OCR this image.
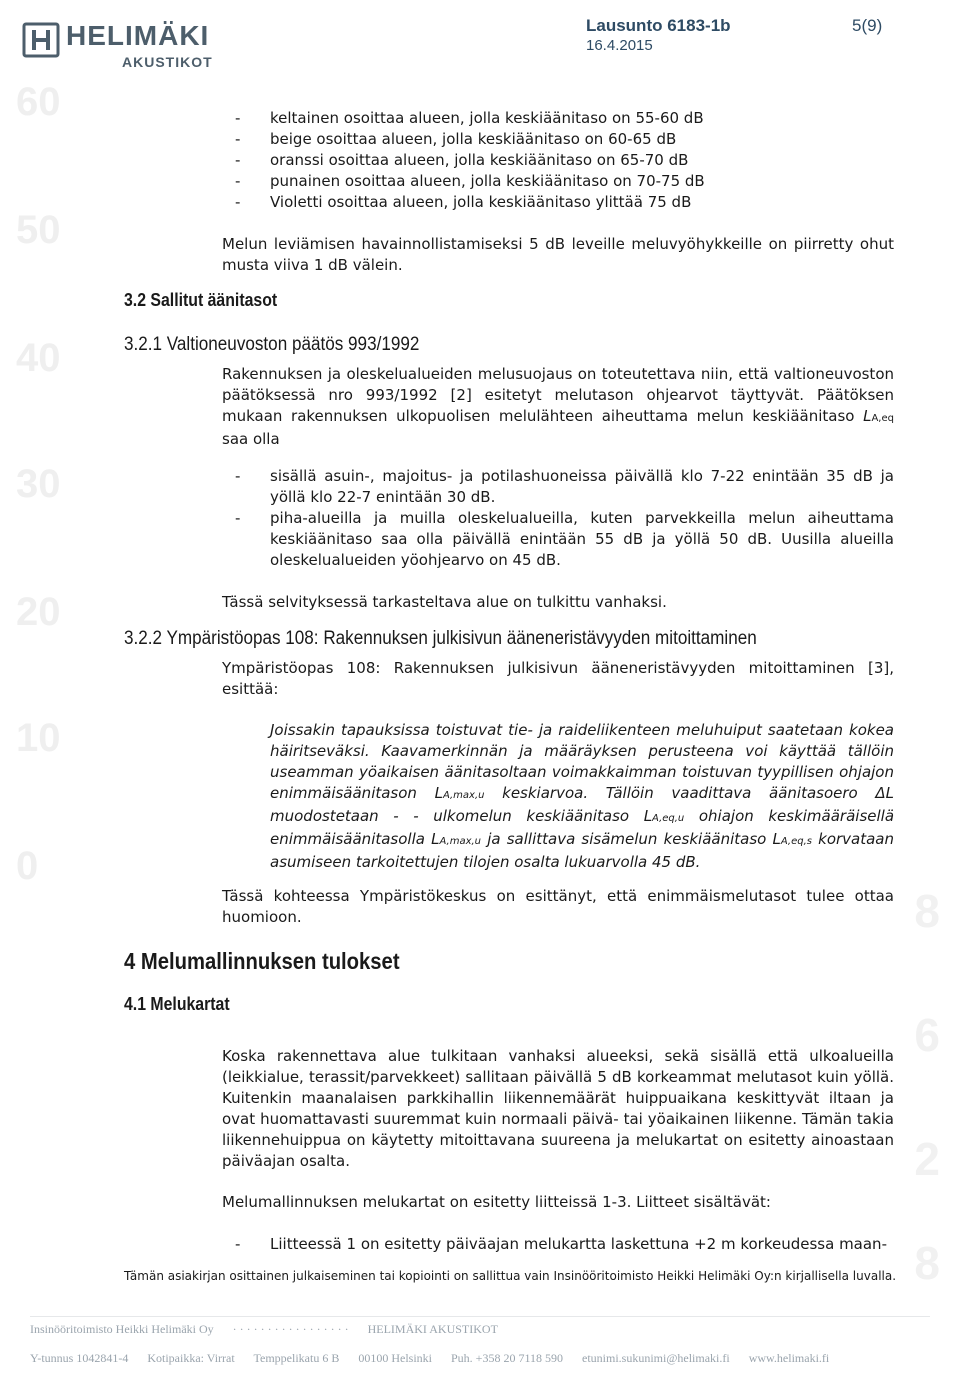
60
50
40
30
20
10
0
8
6
2
8
HELIMÄKI
AKUSTIKOT
Lausunto 6183-1b
16.4.2015
5(9)
- keltainen osoittaa alueen, jolla keskiäänitaso on 55-60 dB
- beige osoittaa alueen, jolla keskiäänitaso on 60-65 dB
- oranssi osoittaa alueen, jolla keskiäänitaso on 65-70 dB
- punainen osoittaa alueen, jolla keskiäänitaso on 70-75 dB
- Violetti osoittaa alueen, jolla keskiäänitaso ylittää 75 dB

Melun leviämisen havainnollistamiseksi 5 dB leveille meluvyöhykkeille on piirretty ohut musta viiva 1 dB välein.

3.2 Sallitut äänitasot
3.2.1 Valtioneuvoston päätös 993/1992

Rakennuksen ja oleskelualueiden melusuojaus on toteutettava niin, että valtioneuvoston päätöksessä nro 993/1992 [2] esitetyt melutason ohjearvot täyttyvät. Päätöksen mukaan rakennuksen ulkopuolisen melulähteen aiheuttama melun keskiäänitaso LA,eq saa olla

- sisällä asuin-, majoitus- ja potilashuoneissa päivällä klo 7-22 enintään 35 dB ja yöllä klo 22-7 enintään 30 dB.
- piha-alueilla ja muilla oleskelualueilla, kuten parvekkeilla melun aiheuttama keskiäänitaso saa olla päivällä enintään 55 dB ja yöllä 50 dB. Uusilla alueilla oleskelualueiden yöohjearvo on 45 dB.

Tässä selvityksessä tarkasteltava alue on tulkittu vanhaksi.

3.2.2 Ympäristöopas 108: Rakennuksen julkisivun ääneneristävyyden mitoittaminen

Ympäristöopas 108: Rakennuksen julkisivun ääneneristävyyden mitoittaminen [3], esittää:

Joissakin tapauksissa toistuvat tie- ja raideliikenteen meluhuiput saatetaan kokea häiritseväksi. Kaavamerkinnän ja määräyksen perusteena voi käyttää tällöin useamman yöaikaisen äänitasoltaan voimakkaimman toistuvan tyypillisen ohjajon enimmäisäänitason LA,max,u keskiarvoa. Tällöin vaadittava äänitasoero ΔL muodostetaan - - ulkomelun keskiäänitaso LA,eq,u ohiajon keskimääräisellä enimmäisäänitasolla LA,max,u ja sallittava sisämelun keskiäänitaso LA,eq,s korvataan asumiseen tarkoitettujen tilojen osalta lukuarvolla 45 dB.

Tässä kohteessa Ympäristökeskus on esittänyt, että enimmäismelutasot tulee ottaa huomioon.

4 Melumallinnuksen tulokset
4.1 Melukartat

Koska rakennettava alue tulkitaan vanhaksi alueeksi, sekä sisällä että ulkoalueilla (leikkialue, terassit/parvekkeet) sallitaan päivällä 5 dB korkeammat melutasot kuin yöllä. Kuitenkin maanalaisen parkkihallin liikennemäärät huippuaikana keskittyvät iltaan ja ovat huomattavasti suuremmat kuin normaali päivä- tai yöaikainen liikenne. Tämän takia liikennehuippua on käytetty mitoittavana suureena ja melukartat on esitetty ainoastaan päiväajan osalta.

Melumallinnuksen melukartat on esitetty liitteissä 1-3. Liitteet sisältävät:

- Liitteessä 1 on esitetty päiväajan melukartta laskettuna +2 m korkeudessa maan-
Tämän asiakirjan osittainen julkaiseminen tai kopiointi on sallittua vain Insinööritoimisto Heikki Helimäki Oy:n kirjallisella luvalla.
Insinööritoimisto Heikki Helimäki Oy · · · · · · · · · · · · · · · · · HELIMÄKI AKUSTIKOT
Y-tunnus 1042841-4 Kotipaikka: Virrat Temppelikatu 6 B 00100 Helsinki Puh. +358 20 7118 590 etunimi.sukunimi@helimaki.fi www.helimaki.fi
